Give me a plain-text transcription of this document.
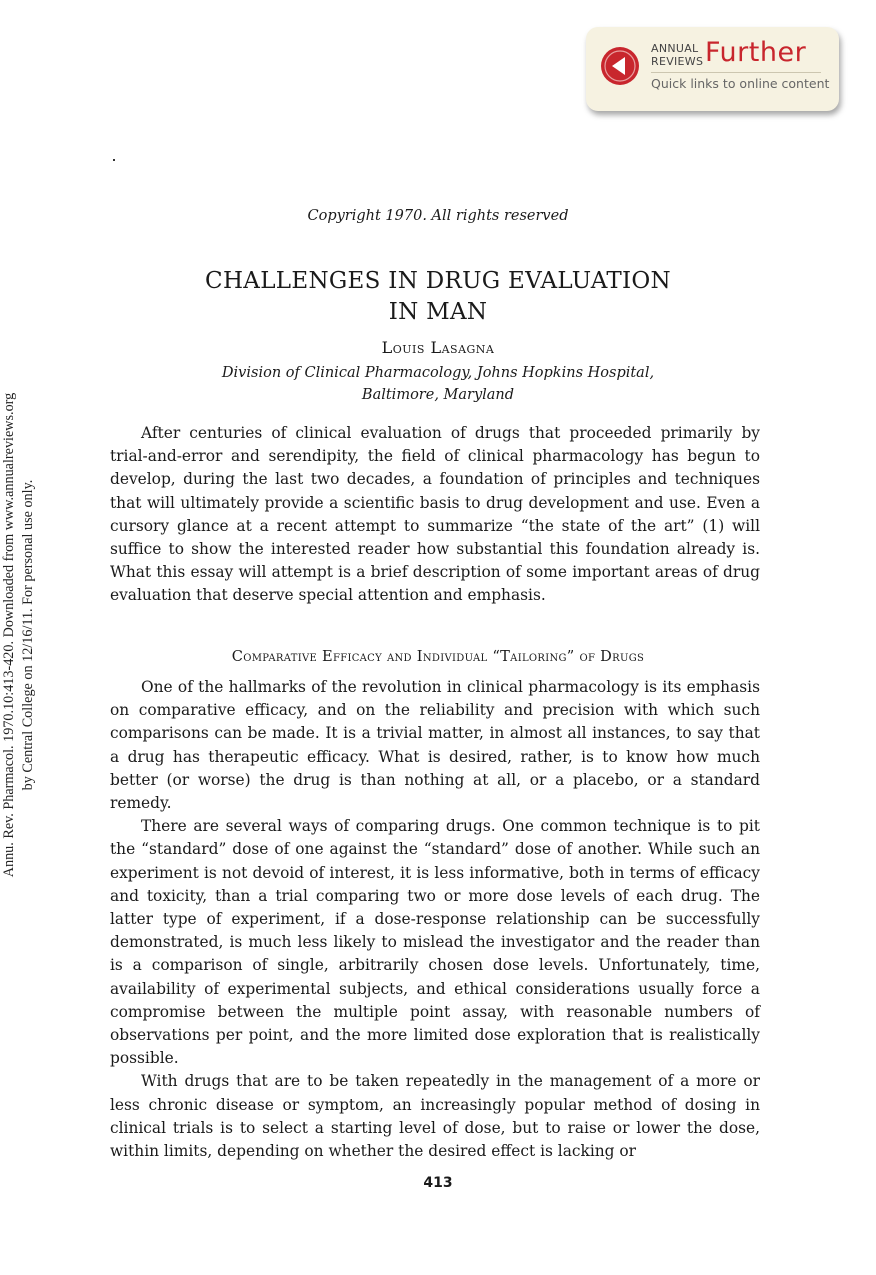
ANNUAL
REVIEWS Further
Quick links to online content
Annu. Rev. Pharmacol. 1970.10:413-420. Downloaded from www.annualreviews.org by Central College on 12/16/11. For personal use only.
Copyright 1970. All rights reserved
CHALLENGES IN DRUG EVALUATION
IN MAN
Louis Lasagna
Division of Clinical Pharmacology, Johns Hopkins Hospital,
Baltimore, Maryland

After centuries of clinical evaluation of drugs that proceeded primarily by trial-and-error and serendipity, the field of clinical pharmacology has begun to develop, during the last two decades, a foundation of principles and techniques that will ultimately provide a scientific basis to drug development and use. Even a cursory glance at a recent attempt to summarize “the state of the art” (1) will suffice to show the interested reader how substantial this foundation already is. What this essay will attempt is a brief description of some important areas of drug evaluation that deserve special attention and emphasis.

Comparative Efficacy and Individual “Tailoring” of Drugs

One of the hallmarks of the revolution in clinical pharmacology is its emphasis on comparative efficacy, and on the reliability and precision with which such comparisons can be made. It is a trivial matter, in almost all instances, to say that a drug has therapeutic efficacy. What is desired, rather, is to know how much better (or worse) the drug is than nothing at all, or a placebo, or a standard remedy.

There are several ways of comparing drugs. One common technique is to pit the “standard” dose of one against the “standard” dose of another. While such an experiment is not devoid of interest, it is less informative, both in terms of efficacy and toxicity, than a trial comparing two or more dose levels of each drug. The latter type of experiment, if a dose-response relationship can be successfully demonstrated, is much less likely to mislead the investigator and the reader than is a comparison of single, arbitrarily chosen dose levels. Unfortunately, time, availability of experimental subjects, and ethical considerations usually force a compromise between the multiple point assay, with reasonable numbers of observations per point, and the more limited dose exploration that is realistically possible.

With drugs that are to be taken repeatedly in the management of a more or less chronic disease or symptom, an increasingly popular method of dosing in clinical trials is to select a starting level of dose, but to raise or lower the dose, within limits, depending on whether the desired effect is lacking or

413
